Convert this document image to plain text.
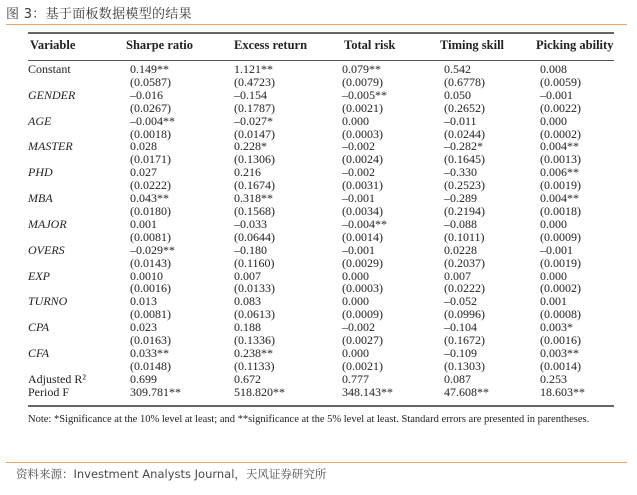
图 3：基于面板数据模型的结果
Variable	Sharpe ratio	Excess return	Total risk	Timing skill	Picking ability

Constant	0.149**	1.121**	0.079**	0.542	0.008
	(0.0587)	(0.4723)	(0.0079)	(0.6778)	(0.0059)
GENDER	–0.016	–0.154	–0.005**	0.050	–0.001
	(0.0267)	(0.1787)	(0.0021)	(0.2652)	(0.0022)
AGE	–0.004**	–0.027*	0.000	–0.011	0.000
	(0.0018)	(0.0147)	(0.0003)	(0.0244)	(0.0002)
MASTER	0.028	0.228*	–0.002	–0.282*	0.004**
	(0.0171)	(0.1306)	(0.0024)	(0.1645)	(0.0013)
PHD	0.027	0.216	–0.002	–0.330	0.006**
	(0.0222)	(0.1674)	(0.0031)	(0.2523)	(0.0019)
MBA	0.043**	0.318**	–0.001	–0.289	0.004**
	(0.0180)	(0.1568)	(0.0034)	(0.2194)	(0.0018)
MAJOR	0.001	–0.033	–0.004**	–0.088	0.000
	(0.0081)	(0.0644)	(0.0014)	(0.1011)	(0.0009)
OVERS	–0.029**	–0.180	–0.001	0.0228	–0.001
	(0.0143)	(0.1160)	(0.0029)	(0.2037)	(0.0019)
EXP	0.0010	0.007	0.000	0.007	0.000
	(0.0016)	(0.0133)	(0.0003)	(0.0222)	(0.0002)
TURNO	0.013	0.083	0.000	–0.052	0.001
	(0.0081)	(0.0613)	(0.0009)	(0.0996)	(0.0008)
CPA	0.023	0.188	–0.002	–0.104	0.003*
	(0.0163)	(0.1336)	(0.0027)	(0.1672)	(0.0016)
CFA	0.033**	0.238**	0.000	–0.109	0.003**
	(0.0148)	(0.1133)	(0.0021)	(0.1303)	(0.0014)
Adjusted R²	0.699	0.672	0.777	0.087	0.253
Period F	309.781**	518.820**	348.143**	47.608**	18.603**

Note: *Significance at the 10% level at least; and **significance at the 5% level at least. Standard errors are presented in parentheses.
资料来源：Investment Analysts Journal，天风证券研究所
